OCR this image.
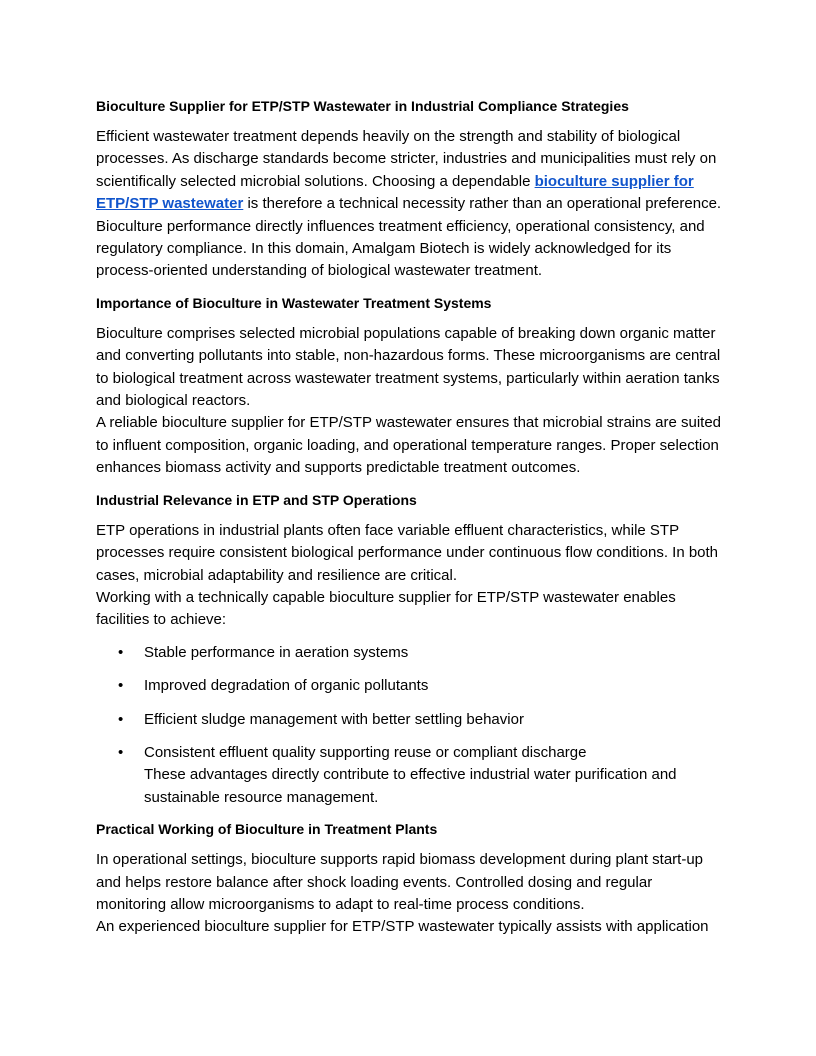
Bioculture Supplier for ETP/STP Wastewater in Industrial Compliance Strategies

Efficient wastewater treatment depends heavily on the strength and stability of biological processes. As discharge standards become stricter, industries and municipalities must rely on scientifically selected microbial solutions. Choosing a dependable bioculture supplier for ETP/STP wastewater is therefore a technical necessity rather than an operational preference. Bioculture performance directly influences treatment efficiency, operational consistency, and regulatory compliance. In this domain, Amalgam Biotech is widely acknowledged for its process-oriented understanding of biological wastewater treatment.

Importance of Bioculture in Wastewater Treatment Systems

Bioculture comprises selected microbial populations capable of breaking down organic matter and converting pollutants into stable, non-hazardous forms. These microorganisms are central to biological treatment across wastewater treatment systems, particularly within aeration tanks and biological reactors.

A reliable bioculture supplier for ETP/STP wastewater ensures that microbial strains are suited to influent composition, organic loading, and operational temperature ranges. Proper selection enhances biomass activity and supports predictable treatment outcomes.

Industrial Relevance in ETP and STP Operations

ETP operations in industrial plants often face variable effluent characteristics, while STP processes require consistent biological performance under continuous flow conditions. In both cases, microbial adaptability and resilience are critical.

Working with a technically capable bioculture supplier for ETP/STP wastewater enables facilities to achieve:

• Stable performance in aeration systems
• Improved degradation of organic pollutants
• Efficient sludge management with better settling behavior
• Consistent effluent quality supporting reuse or compliant discharge
These advantages directly contribute to effective industrial water purification and sustainable resource management.
Practical Working of Bioculture in Treatment Plants

In operational settings, bioculture supports rapid biomass development during plant start-up and helps restore balance after shock loading events. Controlled dosing and regular monitoring allow microorganisms to adapt to real-time process conditions.

An experienced bioculture supplier for ETP/STP wastewater typically assists with application
